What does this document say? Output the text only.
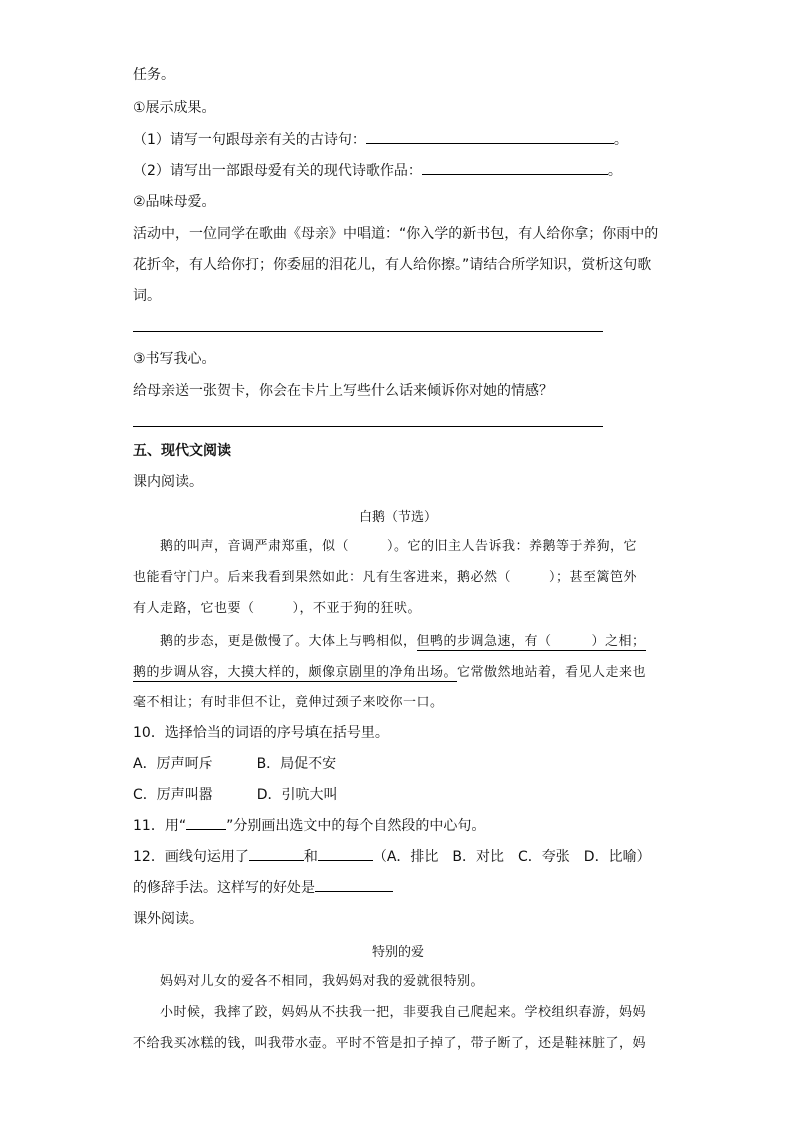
任务。
①展示成果。
（1）请写一句跟母亲有关的古诗句：	。
（2）请写出一部跟母爱有关的现代诗歌作品：	。
②品味母爱。
活动中，一位同学在歌曲《母亲》中唱道：“你入学的新书包，有人给你拿；你雨中的
花折伞，有人给你打；你委屈的泪花儿，有人给你擦。”请结合所学知识，赏析这句歌
词。
③书写我心。
给母亲送一张贺卡，你会在卡片上写些什么话来倾诉你对她的情感？
五、现代文阅读
课内阅读。
白鹅（节选）
鹅的叫声，音调严肃郑重，似（	）。它的旧主人告诉我：养鹅等于养狗，它
也能看守门户。后来我看到果然如此：凡有生客进来，鹅必然（	）；甚至篱笆外
有人走路，它也要（	），不亚于狗的狂吠。
鹅的步态，更是傲慢了。大体上与鸭相似，但鸭的步调急速，有（	）之相；
鹅的步调从容，大摸大样的，颇像京剧里的净角出场。它常傲然地站着，看见人走来也
毫不相让；有时非但不让，竟伸过颈子来咬你一口。
10．选择恰当的词语的序号填在括号里。
A．厉声呵斥	B．局促不安
C．厉声叫嚣	D．引吭大叫
11．用“	”分别画出选文中的每个自然段的中心句。
12．画线句运用了	和	（A．排比　B．对比　C．夸张　D．比喻）
的修辞手法。这样写的好处是
课外阅读。
特别的爱
妈妈对儿女的爱各不相同，我妈妈对我的爱就很特别。
小时候，我摔了跤，妈妈从不扶我一把，非要我自己爬起来。学校组织春游，妈妈
不给我买冰糕的钱，叫我带水壶。平时不管是扣子掉了，带子断了，还是鞋袜脏了，妈
